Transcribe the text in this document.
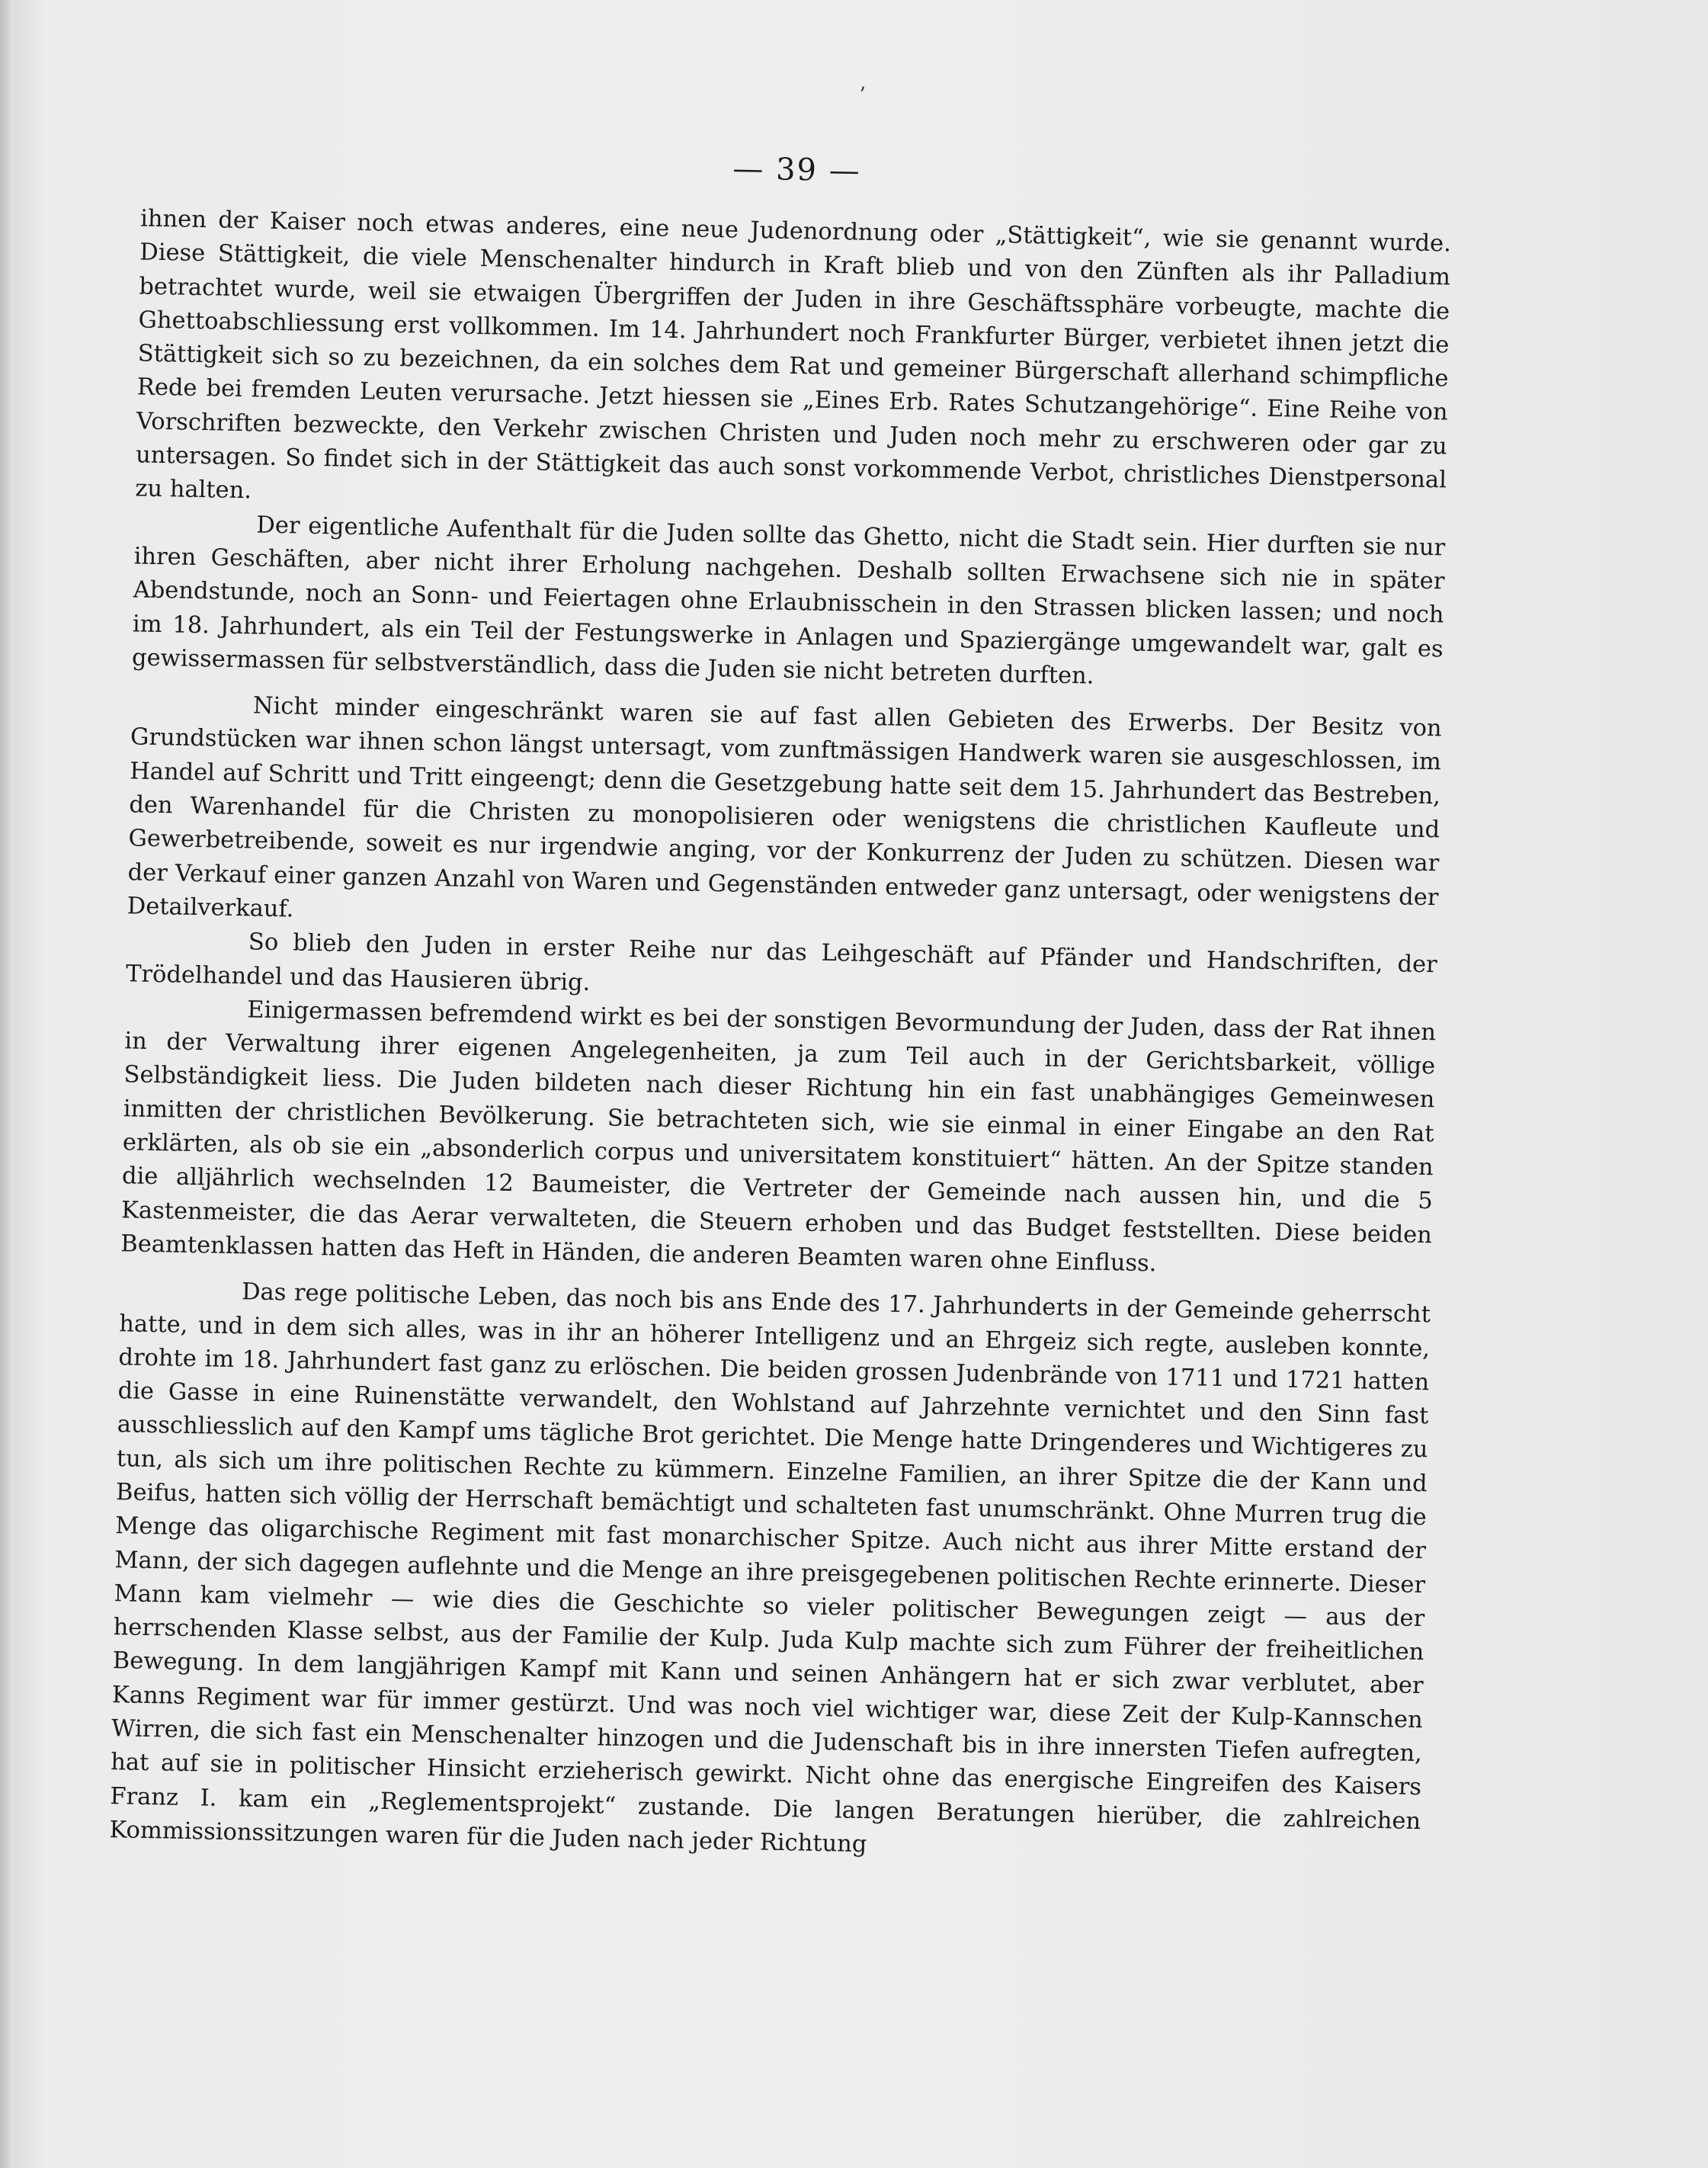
’
— 39 —

ihnen der Kaiser noch etwas anderes, eine neue Judenordnung oder „Stättigkeit“, wie sie genannt wurde. Diese Stättigkeit, die viele Menschenalter hindurch in Kraft blieb und von den Zünften als ihr Palladium betrachtet wurde, weil sie etwaigen Übergriffen der Juden in ihre Geschäftssphäre vorbeugte, machte die Ghettoabschliessung erst vollkommen. Im 14. Jahrhundert noch Frankfurter Bürger, verbietet ihnen jetzt die Stättigkeit sich so zu bezeichnen, da ein solches dem Rat und gemeiner Bürgerschaft allerhand schimpfliche Rede bei fremden Leuten verursache. Jetzt hiessen sie „Eines Erb. Rates Schutzangehörige“. Eine Reihe von Vorschriften bezweckte, den Verkehr zwischen Christen und Juden noch mehr zu erschweren oder gar zu untersagen. So findet sich in der Stättigkeit das auch sonst vorkommende Verbot, christliches Dienstpersonal zu halten.

Der eigentliche Aufenthalt für die Juden sollte das Ghetto, nicht die Stadt sein. Hier durften sie nur ihren Geschäften, aber nicht ihrer Erholung nachgehen. Deshalb sollten Erwachsene sich nie in später Abendstunde, noch an Sonn- und Feiertagen ohne Erlaubnisschein in den Strassen blicken lassen; und noch im 18. Jahrhundert, als ein Teil der Festungswerke in Anlagen und Spaziergänge umgewandelt war, galt es gewissermassen für selbstverständlich, dass die Juden sie nicht betreten durften.

Nicht minder eingeschränkt waren sie auf fast allen Gebieten des Erwerbs. Der Besitz von Grundstücken war ihnen schon längst untersagt, vom zunftmässigen Handwerk waren sie ausgeschlossen, im Handel auf Schritt und Tritt eingeengt; denn die Gesetzgebung hatte seit dem 15. Jahrhundert das Bestreben, den Warenhandel für die Christen zu monopolisieren oder wenigstens die christlichen Kaufleute und Gewerbetreibende, soweit es nur irgendwie anging, vor der Konkurrenz der Juden zu schützen. Diesen war der Verkauf einer ganzen Anzahl von Waren und Gegenständen entweder ganz untersagt, oder wenigstens der Detailverkauf.

So blieb den Juden in erster Reihe nur das Leihgeschäft auf Pfänder und Handschriften, der Trödelhandel und das Hausieren übrig.

Einigermassen befremdend wirkt es bei der sonstigen Bevormundung der Juden, dass der Rat ihnen in der Verwaltung ihrer eigenen Angelegenheiten, ja zum Teil auch in der Gerichtsbarkeit, völlige Selbständigkeit liess. Die Juden bildeten nach dieser Richtung hin ein fast unabhängiges Gemeinwesen inmitten der christlichen Bevölkerung. Sie betrachteten sich, wie sie einmal in einer Eingabe an den Rat erklärten, als ob sie ein „absonderlich corpus und universitatem konstituiert“ hätten. An der Spitze standen die alljährlich wechselnden 12 Baumeister, die Vertreter der Gemeinde nach aussen hin, und die 5 Kastenmeister, die das Aerar verwalteten, die Steuern erhoben und das Budget feststellten. Diese beiden Beamtenklassen hatten das Heft in Händen, die anderen Beamten waren ohne Einfluss.

Das rege politische Leben, das noch bis ans Ende des 17. Jahrhunderts in der Gemeinde geherrscht hatte, und in dem sich alles, was in ihr an höherer Intelligenz und an Ehrgeiz sich regte, ausleben konnte, drohte im 18. Jahrhundert fast ganz zu erlöschen. Die beiden grossen Judenbrände von 1711 und 1721 hatten die Gasse in eine Ruinenstätte verwandelt, den Wohlstand auf Jahrzehnte vernichtet und den Sinn fast ausschliesslich auf den Kampf ums tägliche Brot gerichtet. Die Menge hatte Dringenderes und Wichtigeres zu tun, als sich um ihre politischen Rechte zu kümmern. Einzelne Familien, an ihrer Spitze die der Kann und Beifus, hatten sich völlig der Herrschaft bemächtigt und schalteten fast unumschränkt. Ohne Murren trug die Menge das oligarchische Regiment mit fast monarchischer Spitze. Auch nicht aus ihrer Mitte erstand der Mann, der sich dagegen auflehnte und die Menge an ihre preisgegebenen politischen Rechte erinnerte. Dieser Mann kam vielmehr — wie dies die Geschichte so vieler politischer Bewegungen zeigt — aus der herrschenden Klasse selbst, aus der Familie der Kulp. Juda Kulp machte sich zum Führer der freiheitlichen Bewegung. In dem langjährigen Kampf mit Kann und seinen Anhängern hat er sich zwar verblutet, aber Kanns Regiment war für immer gestürzt. Und was noch viel wichtiger war, diese Zeit der Kulp-Kannschen Wirren, die sich fast ein Menschenalter hinzogen und die Judenschaft bis in ihre innersten Tiefen aufregten, hat auf sie in politischer Hinsicht erzieherisch gewirkt. Nicht ohne das energische Eingreifen des Kaisers Franz I. kam ein „Reglementsprojekt“ zustande. Die langen Beratungen hierüber, die zahlreichen Kommissionssitzungen waren für die Juden nach jeder Richtung
